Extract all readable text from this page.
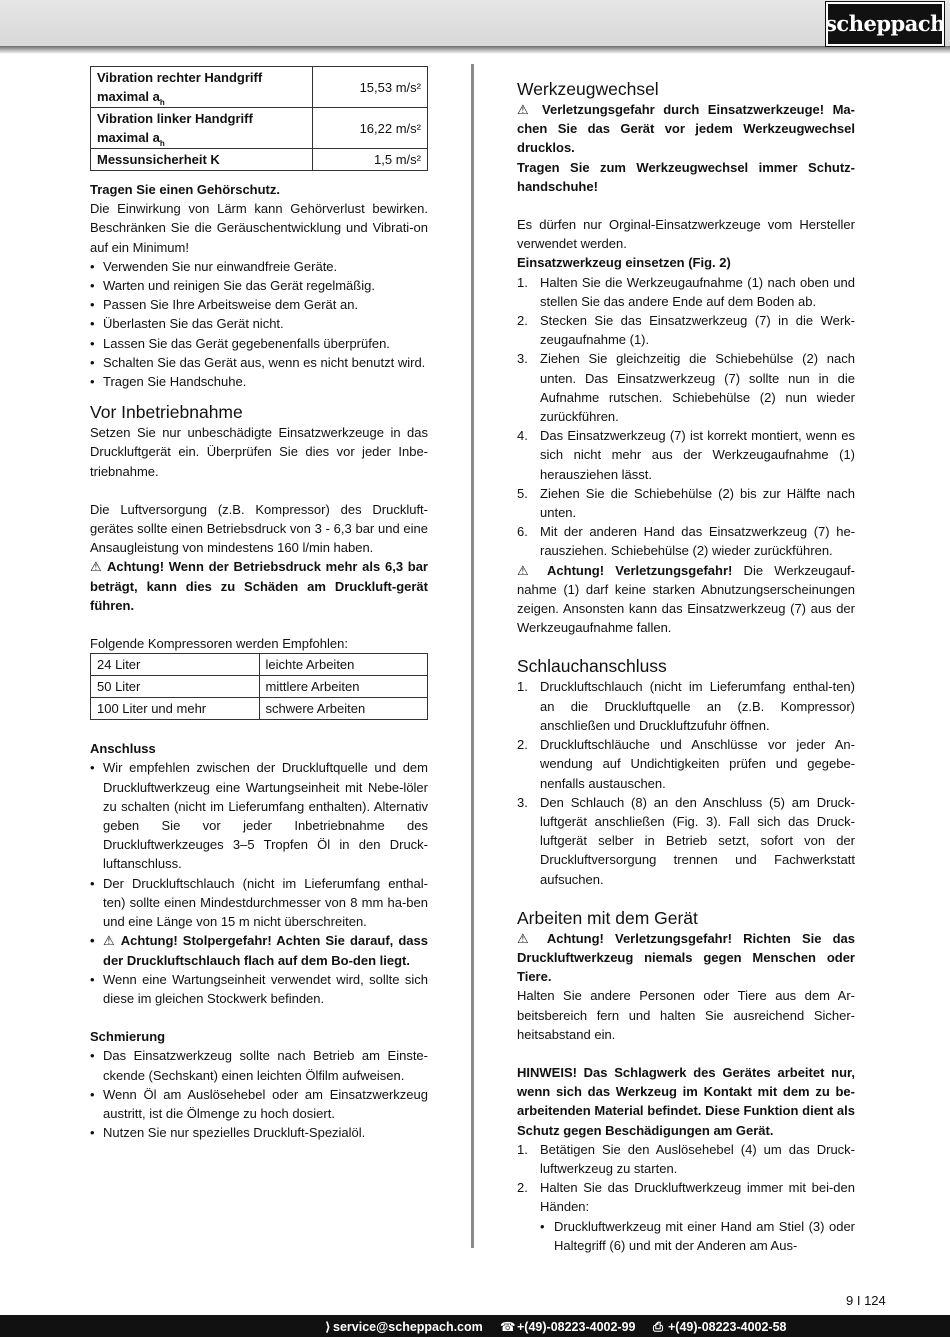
scheppach
Vibration rechter Handgriff maximal $a_h$	15,53 m/s²
Vibration linker Handgriff maximal $a_h$	16,22 m/s²
Messunsicherheit K	1,5 m/s²

Tragen Sie einen Gehörschutz.

Die Einwirkung von Lärm kann Gehörverlust bewirken. Beschränken Sie die Geräuschentwicklung und Vibrati-on auf ein Minimum!

• Verwenden Sie nur einwandfreie Geräte.
• Warten und reinigen Sie das Gerät regelmäßig.
• Passen Sie Ihre Arbeitsweise dem Gerät an.
• Überlasten Sie das Gerät nicht.
• Lassen Sie das Gerät gegebenenfalls überprüfen.
• Schalten Sie das Gerät aus, wenn es nicht benutzt wird.
• Tragen Sie Handschuhe.
Vor Inbetriebnahme

Setzen Sie nur unbeschädigte Einsatzwerkzeuge in das Druckluftgerät ein. Überprüfen Sie dies vor jeder Inbe-triebnahme.

Die Luftversorgung (z.B. Kompressor) des Druckluft-gerätes sollte einen Betriebsdruck von 3 - 6,3 bar und eine Ansaugleistung von mindestens 160 l/min haben.

⚠ Achtung! Wenn der Betriebsdruck mehr als 6,3 bar beträgt, kann dies zu Schäden am Druckluft-gerät führen.

Folgende Kompressoren werden Empfohlen:

24 Liter	leichte Arbeiten
50 Liter	mittlere Arbeiten
100 Liter und mehr	schwere Arbeiten

Anschluss

• Wir empfehlen zwischen der Druckluftquelle und dem Druckluftwerkzeug eine Wartungseinheit mit Nebe-löler zu schalten (nicht im Lieferumfang enthalten). Alternativ geben Sie vor jeder Inbetriebnahme des Druckluftwerkzeuges 3–5 Tropfen Öl in den Druck-luftanschluss.
• Der Druckluftschlauch (nicht im Lieferumfang enthal-ten) sollte einen Mindestdurchmesser von 8 mm ha-ben und eine Länge von 15 m nicht überschreiten.
• ⚠ Achtung! Stolpergefahr! Achten Sie darauf, dass der Druckluftschlauch flach auf dem Bo-den liegt.
• Wenn eine Wartungseinheit verwendet wird, sollte sich diese im gleichen Stockwerk befinden.

Schmierung

• Das Einsatzwerkzeug sollte nach Betrieb am Einste-ckende (Sechskant) einen leichten Ölfilm aufweisen.
• Wenn Öl am Auslösehebel oder am Einsatzwerkzeug austritt, ist die Ölmenge zu hoch dosiert.
• Nutzen Sie nur spezielles Druckluft-Spezialöl.
Werkzeugwechsel

⚠ Verletzungsgefahr durch Einsatzwerkzeuge! Ma-chen Sie das Gerät vor jedem Werkzeugwechsel drucklos.

Tragen Sie zum Werkzeugwechsel immer Schutz-handschuhe!

Es dürfen nur Orginal-Einsatzwerkzeuge vom Hersteller verwendet werden.

Einsatzwerkzeug einsetzen (Fig. 2)

1. Halten Sie die Werkzeugaufnahme (1) nach oben und stellen Sie das andere Ende auf dem Boden ab.
2. Stecken Sie das Einsatzwerkzeug (7) in die Werk-zeugaufnahme (1).
3. Ziehen Sie gleichzeitig die Schiebehülse (2) nach unten. Das Einsatzwerkzeug (7) sollte nun in die Aufnahme rutschen. Schiebehülse (2) nun wieder zurückführen.
4. Das Einsatzwerkzeug (7) ist korrekt montiert, wenn es sich nicht mehr aus der Werkzeugaufnahme (1) herausziehen lässt.
5. Ziehen Sie die Schiebehülse (2) bis zur Hälfte nach unten.
6. Mit der anderen Hand das Einsatzwerkzeug (7) he-rausziehen. Schiebehülse (2) wieder zurückführen.

⚠ Achtung! Verletzungsgefahr! Die Werkzeugauf-nahme (1) darf keine starken Abnutzungserscheinungen zeigen. Ansonsten kann das Einsatzwerkzeug (7) aus der Werkzeugaufnahme fallen.

Schlauchanschluss
1. Druckluftschlauch (nicht im Lieferumfang enthal-ten) an die Druckluftquelle an (z.B. Kompressor) anschließen und Druckluftzufuhr öffnen.
2. Druckluftschläuche und Anschlüsse vor jeder An-wendung auf Undichtigkeiten prüfen und gegebe-nenfalls austauschen.
3. Den Schlauch (8) an den Anschluss (5) am Druck-luftgerät anschließen (Fig. 3). Fall sich das Druck-luftgerät selber in Betrieb setzt, sofort von der Druckluftversorgung trennen und Fachwerkstatt aufsuchen.
Arbeiten mit dem Gerät

⚠ Achtung! Verletzungsgefahr! Richten Sie das Druckluftwerkzeug niemals gegen Menschen oder Tiere.

Halten Sie andere Personen oder Tiere aus dem Ar-beitsbereich fern und halten Sie ausreichend Sicher-heitsabstand ein.

HINWEIS! Das Schlagwerk des Gerätes arbeitet nur, wenn sich das Werkzeug im Kontakt mit dem zu be-arbeitenden Material befindet. Diese Funktion dient als Schutz gegen Beschädigungen am Gerät.

1. Betätigen Sie den Auslösehebel (4) um das Druck-luftwerkzeug zu starten.
2. Halten Sie das Druckluftwerkzeug immer mit bei-den Händen:
• Druckluftwerkzeug mit einer Hand am Stiel (3) oder Haltegriff (6) und mit der Anderen am Aus-
9 I 124
⟩ service@scheppach.com ☎ +(49)-08223-4002-99 ⎙ +(49)-08223-4002-58
